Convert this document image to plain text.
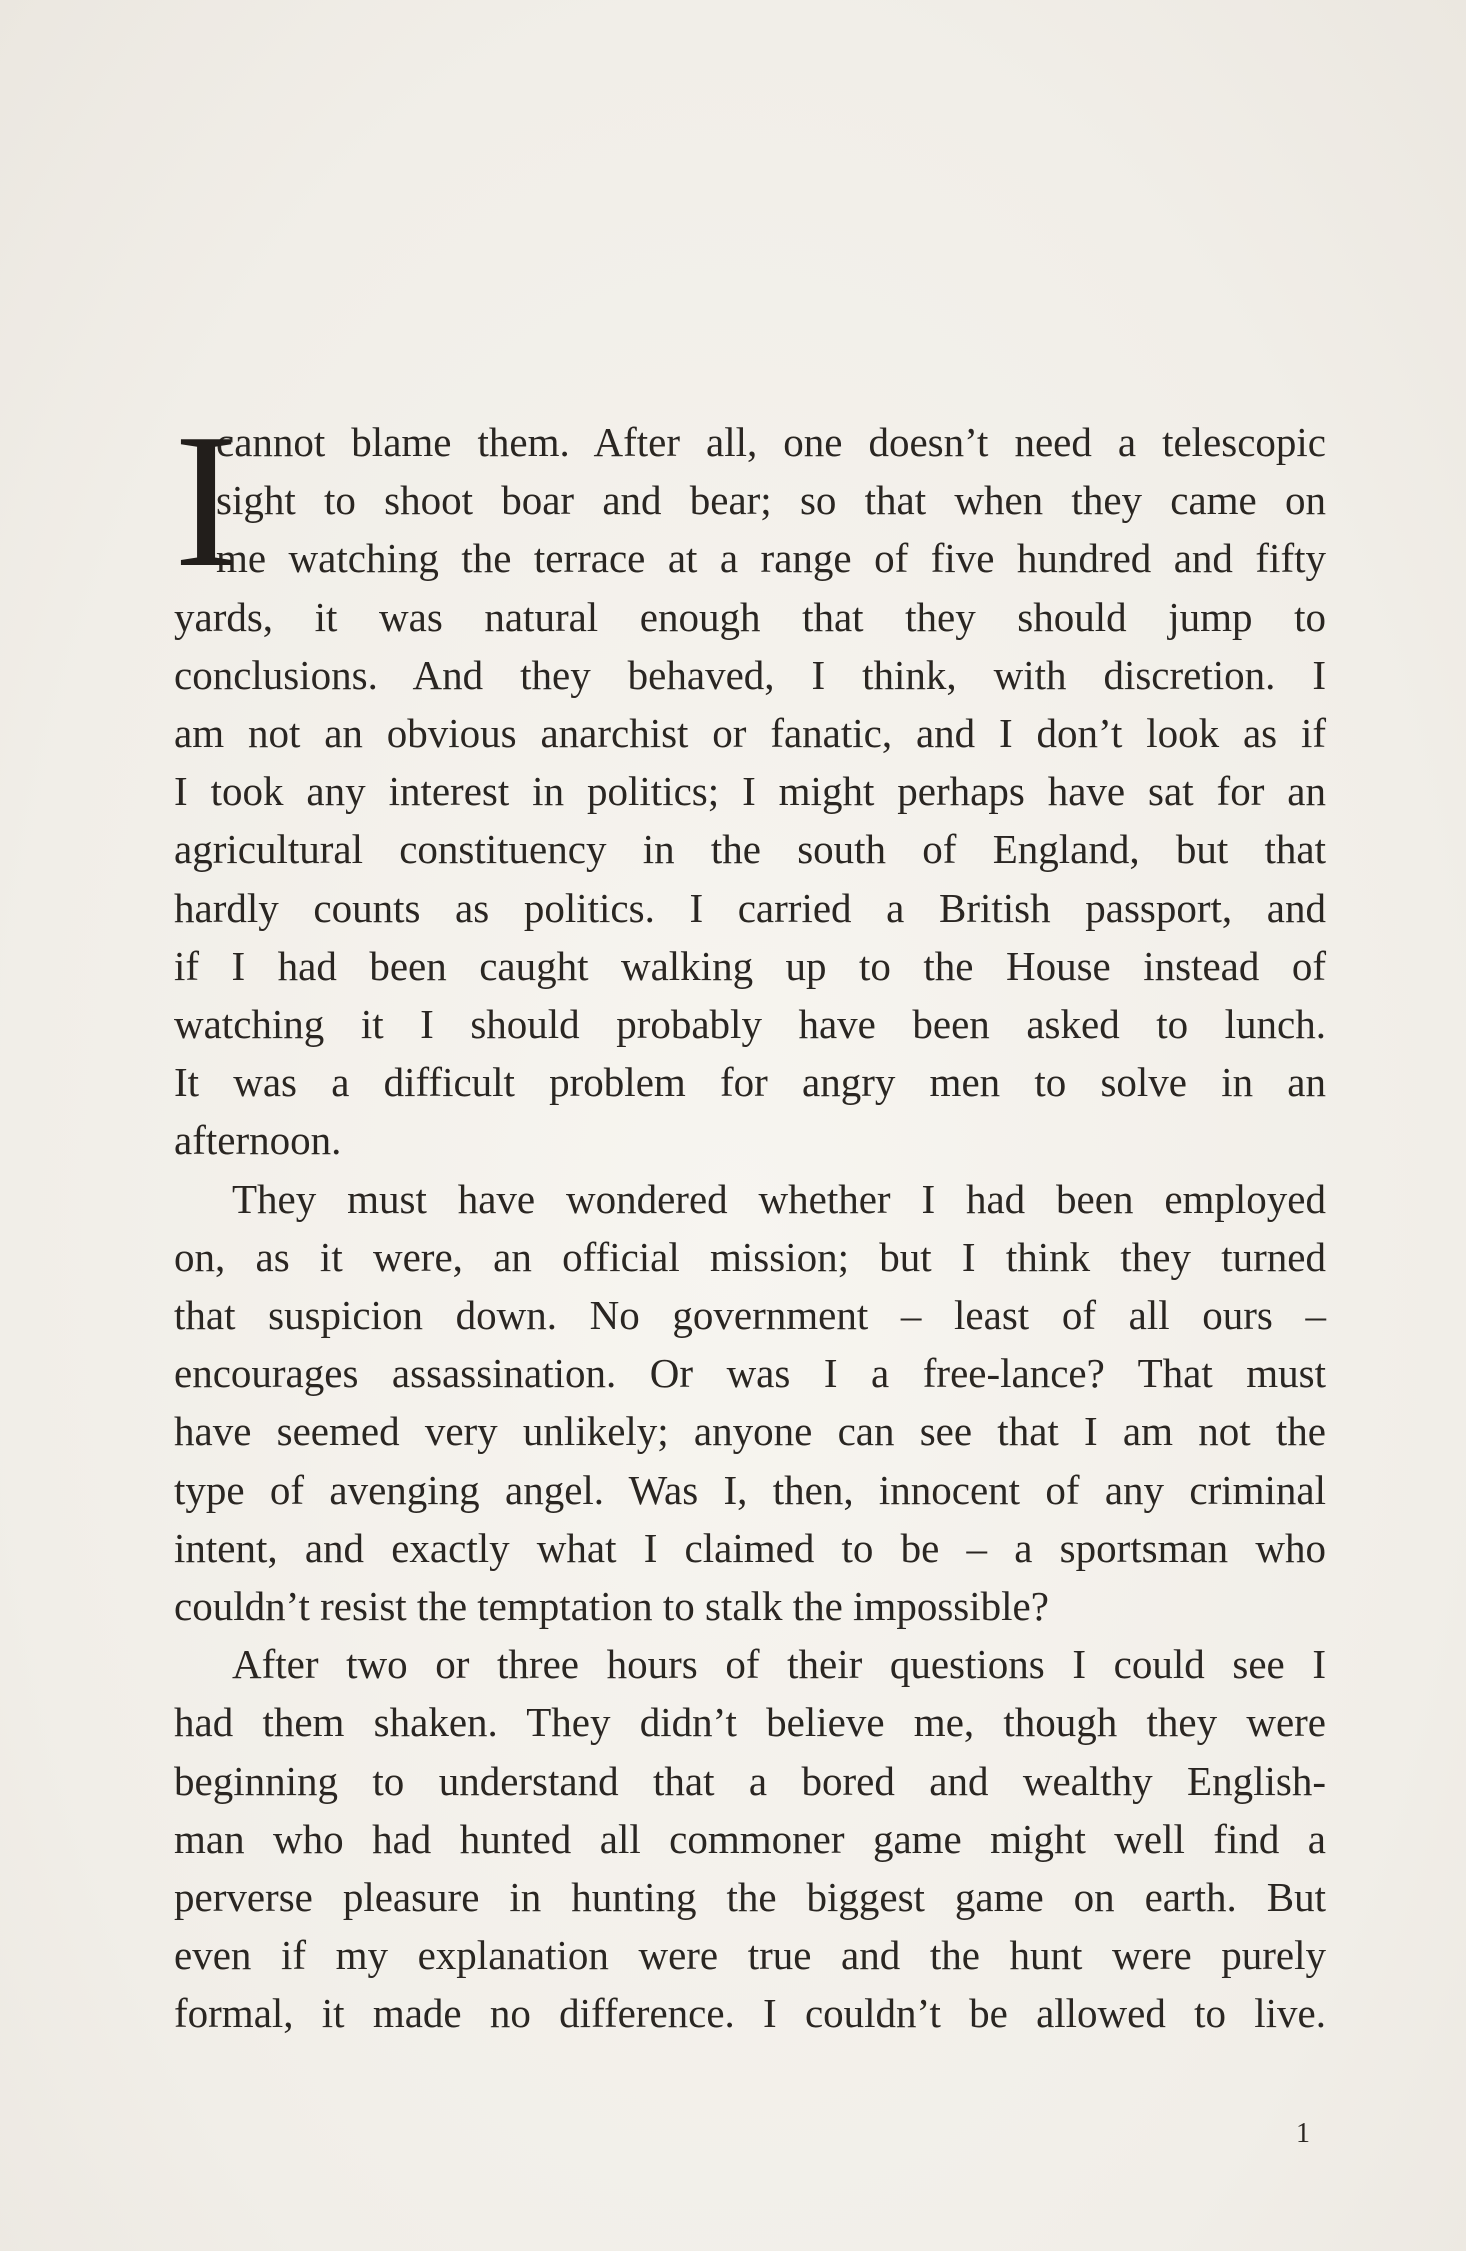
I

cannot blame them. After all, one doesn’t need a telescopic
sight to shoot boar and bear; so that when they came on
me watching the terrace at a range of five hundred and fifty
yards, it was natural enough that they should jump to
conclusions. And they behaved, I think, with discretion. I
am not an obvious anarchist or fanatic, and I don’t look as if
I took any interest in politics; I might perhaps have sat for an
agricultural constituency in the south of England, but that
hardly counts as politics. I carried a British passport, and
if I had been caught walking up to the House instead of
watching it I should probably have been asked to lunch.
It was a difficult problem for angry men to solve in an
afternoon.

They must have wondered whether I had been employed
on, as it were, an official mission; but I think they turned
that suspicion down. No government – least of all ours –
encourages assassination. Or was I a free-lance? That must
have seemed very unlikely; anyone can see that I am not the
type of avenging angel. Was I, then, innocent of any criminal
intent, and exactly what I claimed to be – a sportsman who
couldn’t resist the temptation to stalk the impossible?

After two or three hours of their questions I could see I
had them shaken. They didn’t believe me, though they were
beginning to understand that a bored and wealthy English-
man who had hunted all commoner game might well find a
perverse pleasure in hunting the biggest game on earth. But
even if my explanation were true and the hunt were purely
formal, it made no difference. I couldn’t be allowed to live.

1
